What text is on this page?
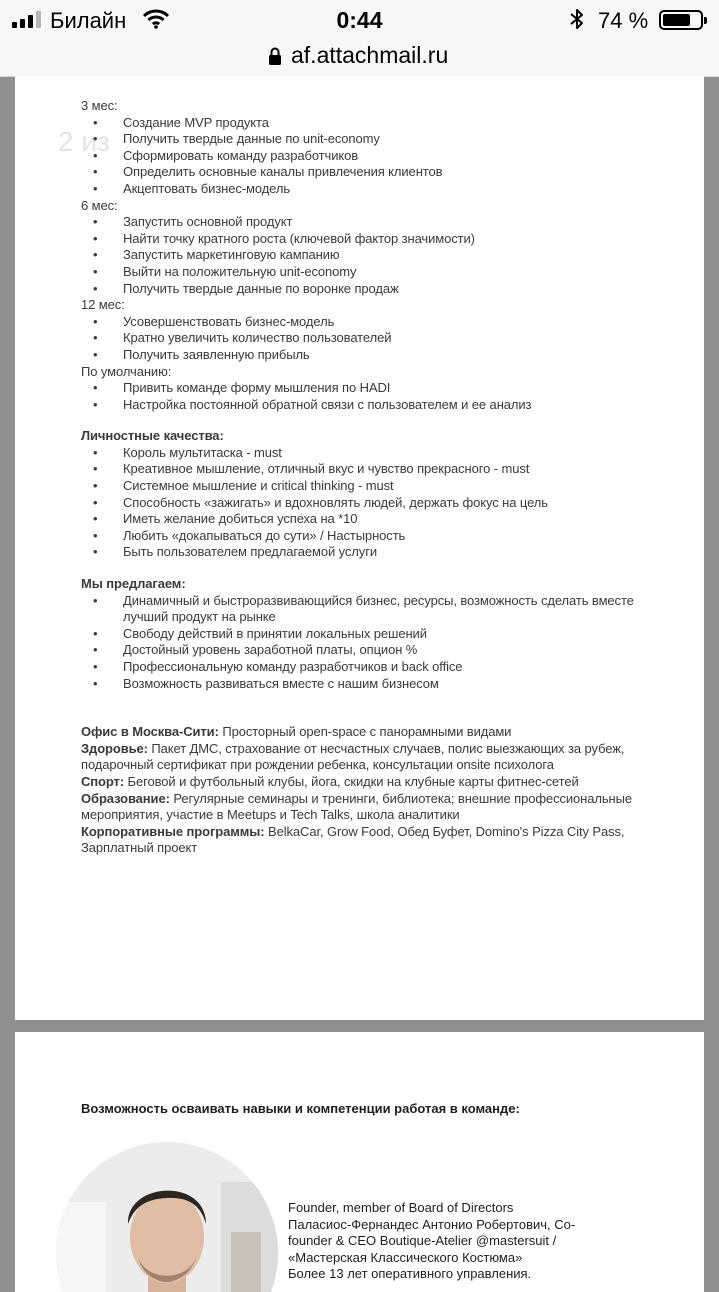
Билайн	0:44	74 %
af.attachmail.ru
2 из
3 мес:
• Создание MVP продукта
• Получить твердые данные по unit-economy
• Сформировать команду разработчиков
• Определить основные каналы привлечения клиентов
• Акцептовать бизнес-модель
6 мес:
• Запустить основной продукт
• Найти точку кратного роста (ключевой фактор значимости)
• Запустить маркетинговую кампанию
• Выйти на положительную unit-economy
• Получить твердые данные по воронке продаж
12 мес:
• Усовершенствовать бизнес-модель
• Кратно увеличить количество пользователей
• Получить заявленную прибыль
По умолчанию:
• Привить команде форму мышления по HADI
• Настройка постоянной обратной связи с пользователем и ее анализ
Личностные качества:
• Король мультитаска - must
• Креативное мышление, отличный вкус и чувство прекрасного - must
• Системное мышление и critical thinking - must
• Способность «зажигать» и вдохновлять людей, держать фокус на цель
• Иметь желание добиться успеха на *10
• Любить «докапываться до сути» / Настырность
• Быть пользователем предлагаемой услуги
Мы предлагаем:
• Динамичный и быстроразвивающийся бизнес, ресурсы, возможность сделать вместе лучший продукт на рынке
• Свободу действий в принятии локальных решений
• Достойный уровень заработной платы, опцион %
• Профессиональную команду разработчиков и back office
• Возможность развиваться вместе с нашим бизнесом
Офис в Москва-Сити: Просторный open-space с панорамными видами
Здоровье: Пакет ДМС, страхование от несчастных случаев, полис выезжающих за рубеж, подарочный сертификат при рождении ребенка, консультации onsite психолога
Спорт: Беговой и футбольный клубы, йога, скидки на клубные карты фитнес-сетей
Образование: Регулярные семинары и тренинги, библиотека; внешние профессиональные мероприятия, участие в Meetups и Tech Talks, школа аналитики
Корпоративные программы: BelkaCar, Grow Food, Обед Буфет, Domino's Pizza City Pass, Зарплатный проект
Возможность осваивать навыки и компетенции работая в команде:
Founder, member of Board of Directors
Паласиос-Фернандес Антонио Робертович, Co-founder & CEO Boutique-Atelier @mastersuit / «Мастерская Классического Костюма»
Более 13 лет оперативного управления.
